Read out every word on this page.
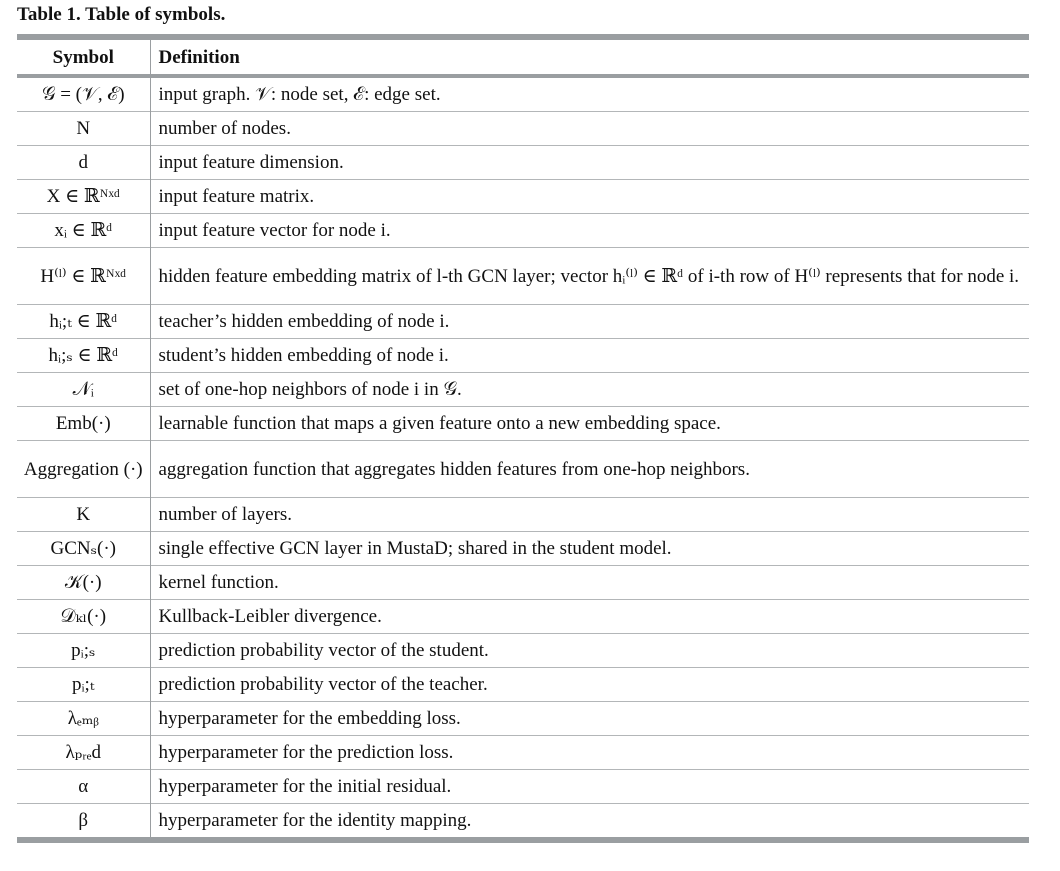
Table 1. Table of symbols.
Symbol	Definition
𝒢 = (𝒱, ℰ)	input graph. 𝒱: node set, ℰ: edge set.
N	number of nodes.
d	input feature dimension.
X ∈ ℝᴺˣᵈ	input feature matrix.
xᵢ ∈ ℝᵈ	input feature vector for node i.
H⁽ˡ⁾ ∈ ℝᴺˣᵈ	hidden feature embedding matrix of l-th GCN layer; vector hᵢ⁽ˡ⁾ ∈ ℝᵈ of i-th row of H⁽ˡ⁾ represents that for node i.
hᵢ;ₜ ∈ ℝᵈ	teacher’s hidden embedding of node i.
hᵢ;ₛ ∈ ℝᵈ	student’s hidden embedding of node i.
𝒩ᵢ	set of one-hop neighbors of node i in 𝒢.
Emb(·)	learnable function that maps a given feature onto a new embedding space.
Aggregation (·)	aggregation function that aggregates hidden features from one-hop neighbors.
K	number of layers.
GCNₛ(·)	single effective GCN layer in MustaD; shared in the student model.
𝒦(·)	kernel function.
𝒟ₖₗ(·)	Kullback-Leibler divergence.
pᵢ;ₛ	prediction probability vector of the student.
pᵢ;ₜ	prediction probability vector of the teacher.
λₑₘᵦ	hyperparameter for the embedding loss.
λₚᵣₑd	hyperparameter for the prediction loss.
α	hyperparameter for the initial residual.
β	hyperparameter for the identity mapping.
